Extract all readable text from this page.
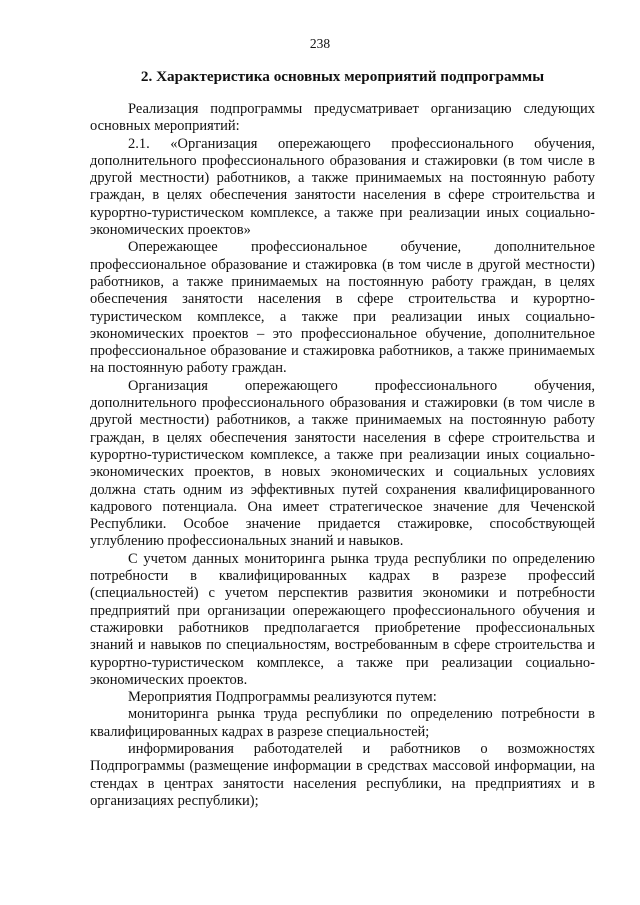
238
2. Характеристика основных мероприятий подпрограммы

Реализация подпрограммы предусматривает организацию следующих основных мероприятий:

2.1. «Организация опережающего профессионального обучения, дополнительного профессионального образования и стажировки (в том числе в другой местности) работников, а также принимаемых на постоянную работу граждан, в целях обеспечения занятости населения в сфере строительства и курортно-туристическом комплексе, а также при реализации иных социально-экономических проектов»

Опережающее профессиональное обучение, дополнительное профессиональное образование и стажировка (в том числе в другой местности) работников, а также принимаемых на постоянную работу граждан, в целях обеспечения занятости населения в сфере строительства и курортно-туристическом комплексе, а также при реализации иных социально-экономических проектов – это профессиональное обучение, дополнительное профессиональное образование и стажировка работников, а также принимаемых на постоянную работу граждан.

Организация опережающего профессионального обучения, дополнительного профессионального образования и стажировки (в том числе в другой местности) работников, а также принимаемых на постоянную работу граждан, в целях обеспечения занятости населения в сфере строительства и курортно-туристическом комплексе, а также при реализации иных социально-экономических проектов, в новых экономических и социальных условиях должна стать одним из эффективных путей сохранения квалифицированного кадрового потенциала. Она имеет стратегическое значение для Чеченской Республики. Особое значение придается стажировке, способствующей углублению профессиональных знаний и навыков.

С учетом данных мониторинга рынка труда республики по определению потребности в квалифицированных кадрах в разрезе профессий (специальностей) с учетом перспектив развития экономики и потребности предприятий при организации опережающего профессионального обучения и стажировки работников предполагается приобретение профессиональных знаний и навыков по специальностям, востребованным в сфере строительства и курортно-туристическом комплексе, а также при реализации социально-экономических проектов.

Мероприятия Подпрограммы реализуются путем:

мониторинга рынка труда республики по определению потребности в квалифицированных кадрах в разрезе специальностей;

информирования работодателей и работников о возможностях Подпрограммы (размещение информации в средствах массовой информации, на стендах в центрах занятости населения республики, на предприятиях и в организациях республики);
